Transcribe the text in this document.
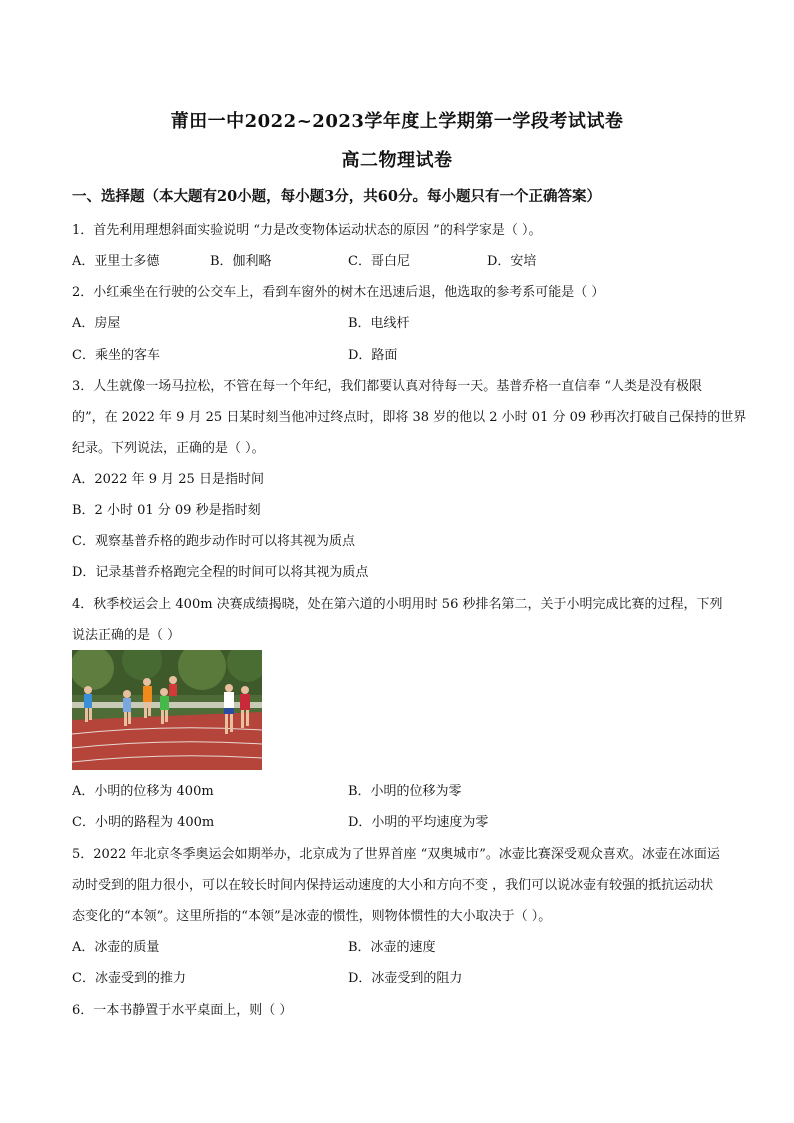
莆田一中2022~2023学年度上学期第一学段考试试卷
高二物理试卷
一、选择题（本大题有20小题，每小题3分，共60分。每小题只有一个正确答案）
1．首先利用理想斜面实验说明 “力是改变物体运动状态的原因 ”的科学家是（ ）。
A．亚里士多德	B．伽利略	C．哥白尼	D．安培
2．小红乘坐在行驶的公交车上，看到车窗外的树木在迅速后退，他选取的参考系可能是（ ）
A．房屋	B．电线杆
C．乘坐的客车	D．路面
3．人生就像一场马拉松，不管在每一个年纪，我们都要认真对待每一天。基普乔格一直信奉 “人类是没有极限
的”，在 2022 年 9 月 25 日某时刻当他冲过终点时，即将 38 岁的他以 2 小时 01 分 09 秒再次打破自己保持的世界
纪录。下列说法，正确的是（ ）。
A．2022 年 9 月 25 日是指时间
B．2 小时 01 分 09 秒是指时刻
C．观察基普乔格的跑步动作时可以将其视为质点
D．记录基普乔格跑完全程的时间可以将其视为质点
4．秋季校运会上 400m 决赛成绩揭晓，处在第六道的小明用时 56 秒排名第二，关于小明完成比赛的过程，下列
说法正确的是（ ）
A．小明的位移为 400m	B．小明的位移为零
C．小明的路程为 400m	D．小明的平均速度为零
5．2022 年北京冬季奥运会如期举办，北京成为了世界首座 “双奥城市”。冰壶比赛深受观众喜欢。冰壶在冰面运
动时受到的阻力很小，可以在较长时间内保持运动速度的大小和方向不变 ，我们可以说冰壶有较强的抵抗运动状
态变化的“本领”。这里所指的“本领”是冰壶的惯性，则物体惯性的大小取决于（ ）。
A．冰壶的质量	B．冰壶的速度
C．冰壶受到的推力	D．冰壶受到的阻力
6．一本书静置于水平桌面上，则（ ）
